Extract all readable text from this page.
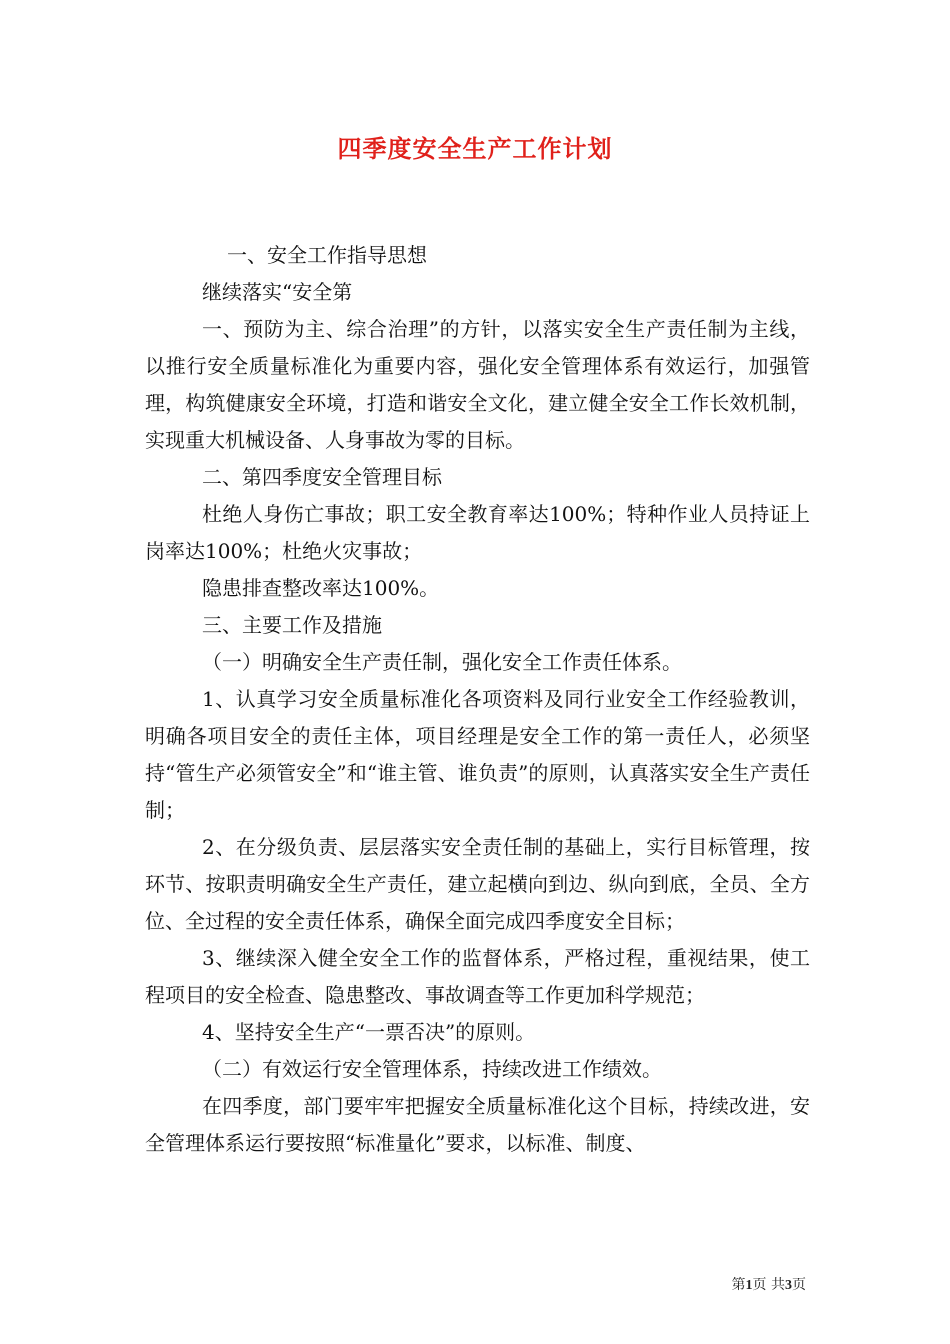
四季度安全生产工作计划

一、安全工作指导思想

继续落实“安全第

一、预防为主、综合治理”的方针，以落实安全生产责任制为主线，以推行安全质量标准化为重要内容，强化安全管理体系有效运行，加强管理，构筑健康安全环境，打造和谐安全文化，建立健全安全工作长效机制，实现重大机械设备、人身事故为零的目标。

二、第四季度安全管理目标

杜绝人身伤亡事故；职工安全教育率达100%；特种作业人员持证上岗率达100%；杜绝火灾事故；

隐患排查整改率达100%。

三、主要工作及措施

（一）明确安全生产责任制，强化安全工作责任体系。

1、认真学习安全质量标准化各项资料及同行业安全工作经验教训，明确各项目安全的责任主体，项目经理是安全工作的第一责任人，必须坚持“管生产必须管安全”和“谁主管、谁负责”的原则，认真落实安全生产责任制；

2、在分级负责、层层落实安全责任制的基础上，实行目标管理，按环节、按职责明确安全生产责任，建立起横向到边、纵向到底，全员、全方位、全过程的安全责任体系，确保全面完成四季度安全目标；

3、继续深入健全安全工作的监督体系，严格过程，重视结果，使工程项目的安全检查、隐患整改、事故调查等工作更加科学规范；

4、坚持安全生产“一票否决”的原则。

（二）有效运行安全管理体系，持续改进工作绩效。

在四季度，部门要牢牢把握安全质量标准化这个目标，持续改进，安全管理体系运行要按照“标准量化”要求，以标准、制度、

第1页 共3页
